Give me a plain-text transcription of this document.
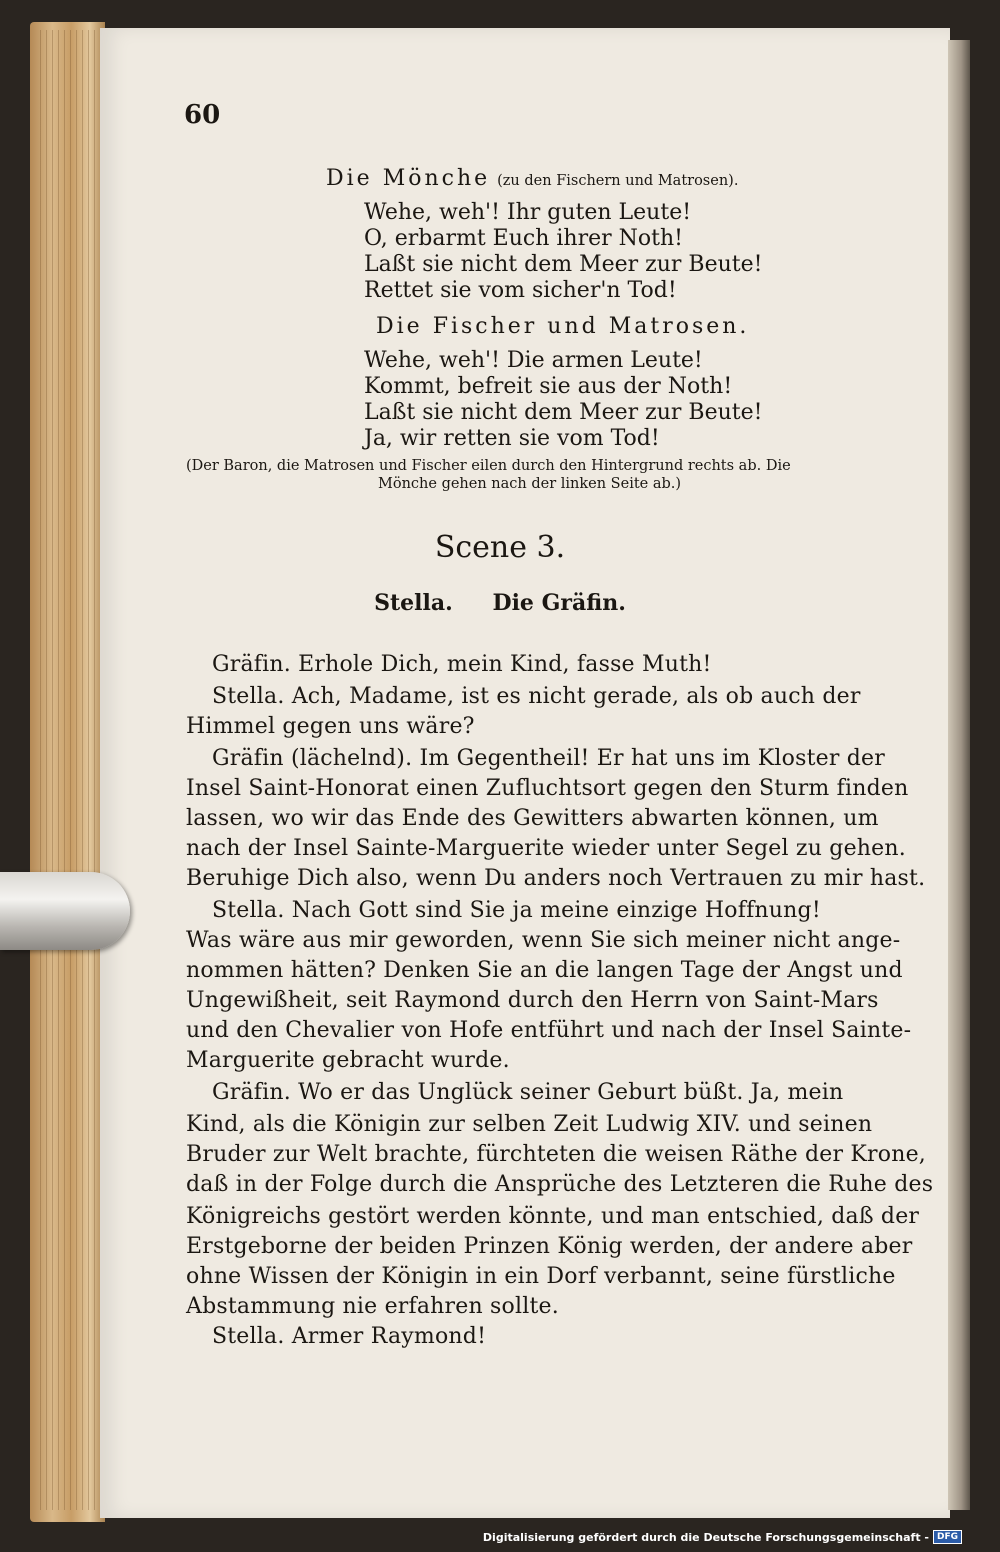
60
Die Mönche (zu den Fischern und Matrosen).
Wehe, weh'! Ihr guten Leute!
O, erbarmt Euch ihrer Noth!
Laßt sie nicht dem Meer zur Beute!
Rettet sie vom sicher'n Tod!
Die Fischer und Matrosen.
Wehe, weh'! Die armen Leute!
Kommt, befreit sie aus der Noth!
Laßt sie nicht dem Meer zur Beute!
Ja, wir retten sie vom Tod!
(Der Baron, die Matrosen und Fischer eilen durch den Hintergrund rechts ab. Die
Mönche gehen nach der linken Seite ab.)
Scene 3.
Stella. Die Gräfin.
Gräfin. Erhole Dich, mein Kind, fasse Muth!
Stella. Ach, Madame, ist es nicht gerade, als ob auch der
Himmel gegen uns wäre?
Gräfin (lächelnd). Im Gegentheil! Er hat uns im Kloster der
Insel Saint-Honorat einen Zufluchtsort gegen den Sturm finden
lassen, wo wir das Ende des Gewitters abwarten können, um
nach der Insel Sainte-Marguerite wieder unter Segel zu gehen.
Beruhige Dich also, wenn Du anders noch Vertrauen zu mir hast.
Stella. Nach Gott sind Sie ja meine einzige Hoffnung!
Was wäre aus mir geworden, wenn Sie sich meiner nicht ange-
nommen hätten? Denken Sie an die langen Tage der Angst und
Ungewißheit, seit Raymond durch den Herrn von Saint-Mars
und den Chevalier von Hofe entführt und nach der Insel Sainte-
Marguerite gebracht wurde.
Gräfin. Wo er das Unglück seiner Geburt büßt. Ja, mein
Kind, als die Königin zur selben Zeit Ludwig XIV. und seinen
Bruder zur Welt brachte, fürchteten die weisen Räthe der Krone,
daß in der Folge durch die Ansprüche des Letzteren die Ruhe des
Königreichs gestört werden könnte, und man entschied, daß der
Erstgeborne der beiden Prinzen König werden, der andere aber
ohne Wissen der Königin in ein Dorf verbannt, seine fürstliche
Abstammung nie erfahren sollte.
Stella. Armer Raymond!
Digitalisierung gefördert durch die Deutsche Forschungsgemeinschaft - DFG
